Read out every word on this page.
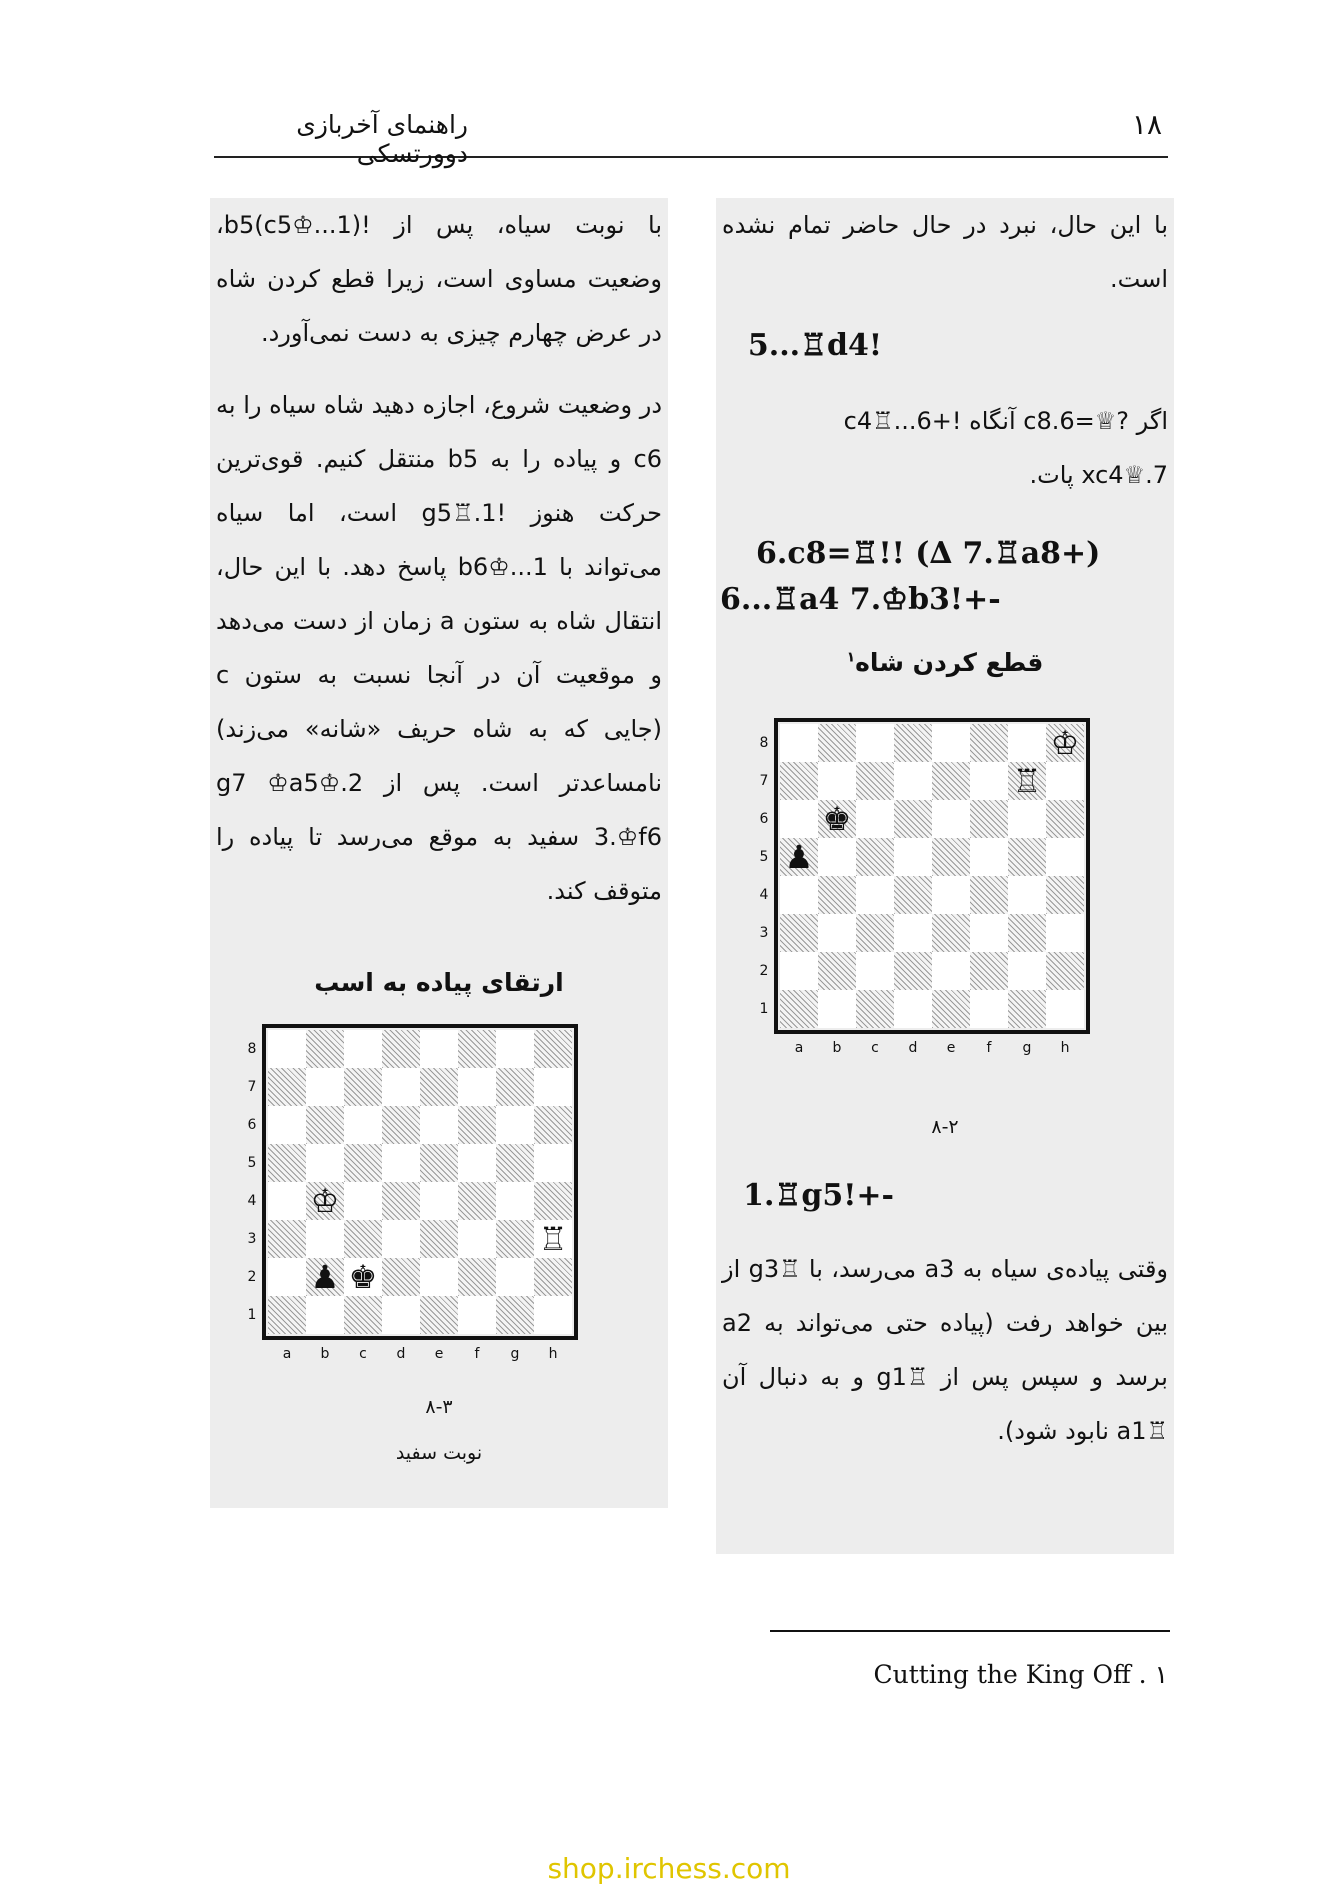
راهنمای آخربازی دوورتسکی
۱۸
با این حال، نبرد در حال حاضر تمام نشده است.
5...♖d4!
اگر ?♕=6.c8 آنگاه !+6...♖c4
7.♕xc4 پات.
6.c8=♖!! (∆ 7.♖a8+)
6...♖a4 7.♔b3!+-
قطع کردن شاه$^۱$
8
7
6
5
4
3
2
1
a	b	c	d	e	f	g	h
♔
♖
♚
♟
۸-۲
1.♖g5!+-
وقتی پیاده‌ی سیاه به a3 می‌رسد، با ♖g3 از بین خواهد رفت (پیاده حتی می‌تواند به a2 برسد و سپس پس از ♖g1 و به دنبال آن ♖a1 نابود شود).
با نوبت سیاه، پس از !(1...♔b5(c5، وضعیت مساوی است، زیرا قطع کردن شاه در عرض چهارم چیزی به دست نمی‌آورد.
در وضعیت شروع، اجازه دهید شاه سیاه را به c6 و پیاده را به b5 منتقل کنیم. قوی‌ترین حرکت هنوز !1.♖g5 است، اما سیاه می‌تواند با 1...♔b6 پاسخ دهد. با این حال، انتقال شاه به ستون a زمان از دست می‌دهد و موقعیت آن در آنجا نسبت به ستون c (جایی که به شاه حریف «شانه» می‌زند) نامساعدتر است. پس از 2.♔g7 ♔a5 3.♔f6 سفید به موقع می‌رسد تا پیاده را متوقف کند.
ارتقای پیاده به اسب
8
7
6
5
4
3
2
1
a	b	c	d	e	f	g	h
♔
♖
♟ ♚
۸-۳
نوبت سفید
Cutting the King Off . ۱
shop.irchess.com
